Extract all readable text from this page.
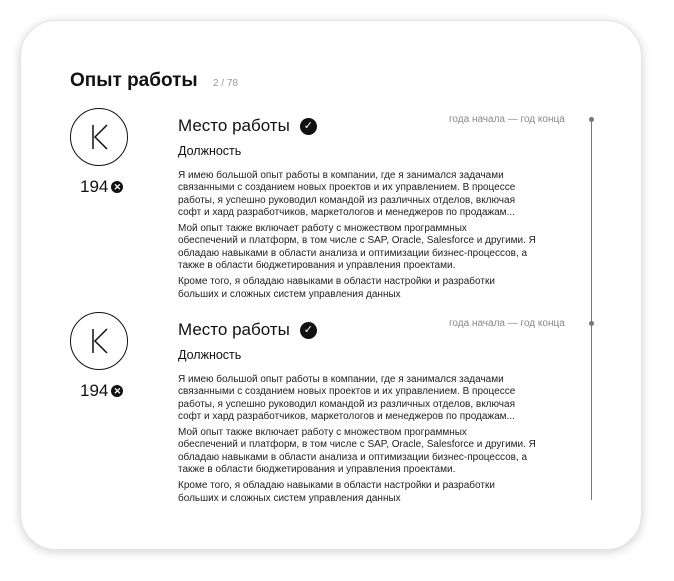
Опыт работы 2 / 78
194 ✕
Место работы	✓
Должность
года начала — год конца

Я имею большой опыт работы в компании, где я занимался задачами
связанными с созданием новых проектов и их управлением. В процессе
работы, я успешно руководил командой из различных отделов, включая
софт и хард разработчиков, маркетологов и менеджеров по продажам...

Мой опыт также включает работу с множеством программных
обеспечений и платформ, в том числе с SAP, Oracle, Salesforce и другими. Я
обладаю навыками в области анализа и оптимизации бизнес-процессов, а
также в области бюджетирования и управления проектами.

Кроме того, я обладаю навыками в области настройки и разработки
больших и сложных систем управления данных

194 ✕
Место работы	✓
Должность
года начала — год конца

Я имею большой опыт работы в компании, где я занимался задачами
связанными с созданием новых проектов и их управлением. В процессе
работы, я успешно руководил командой из различных отделов, включая
софт и хард разработчиков, маркетологов и менеджеров по продажам...

Мой опыт также включает работу с множеством программных
обеспечений и платформ, в том числе с SAP, Oracle, Salesforce и другими. Я
обладаю навыками в области анализа и оптимизации бизнес-процессов, а
также в области бюджетирования и управления проектами.

Кроме того, я обладаю навыками в области настройки и разработки
больших и сложных систем управления данных
